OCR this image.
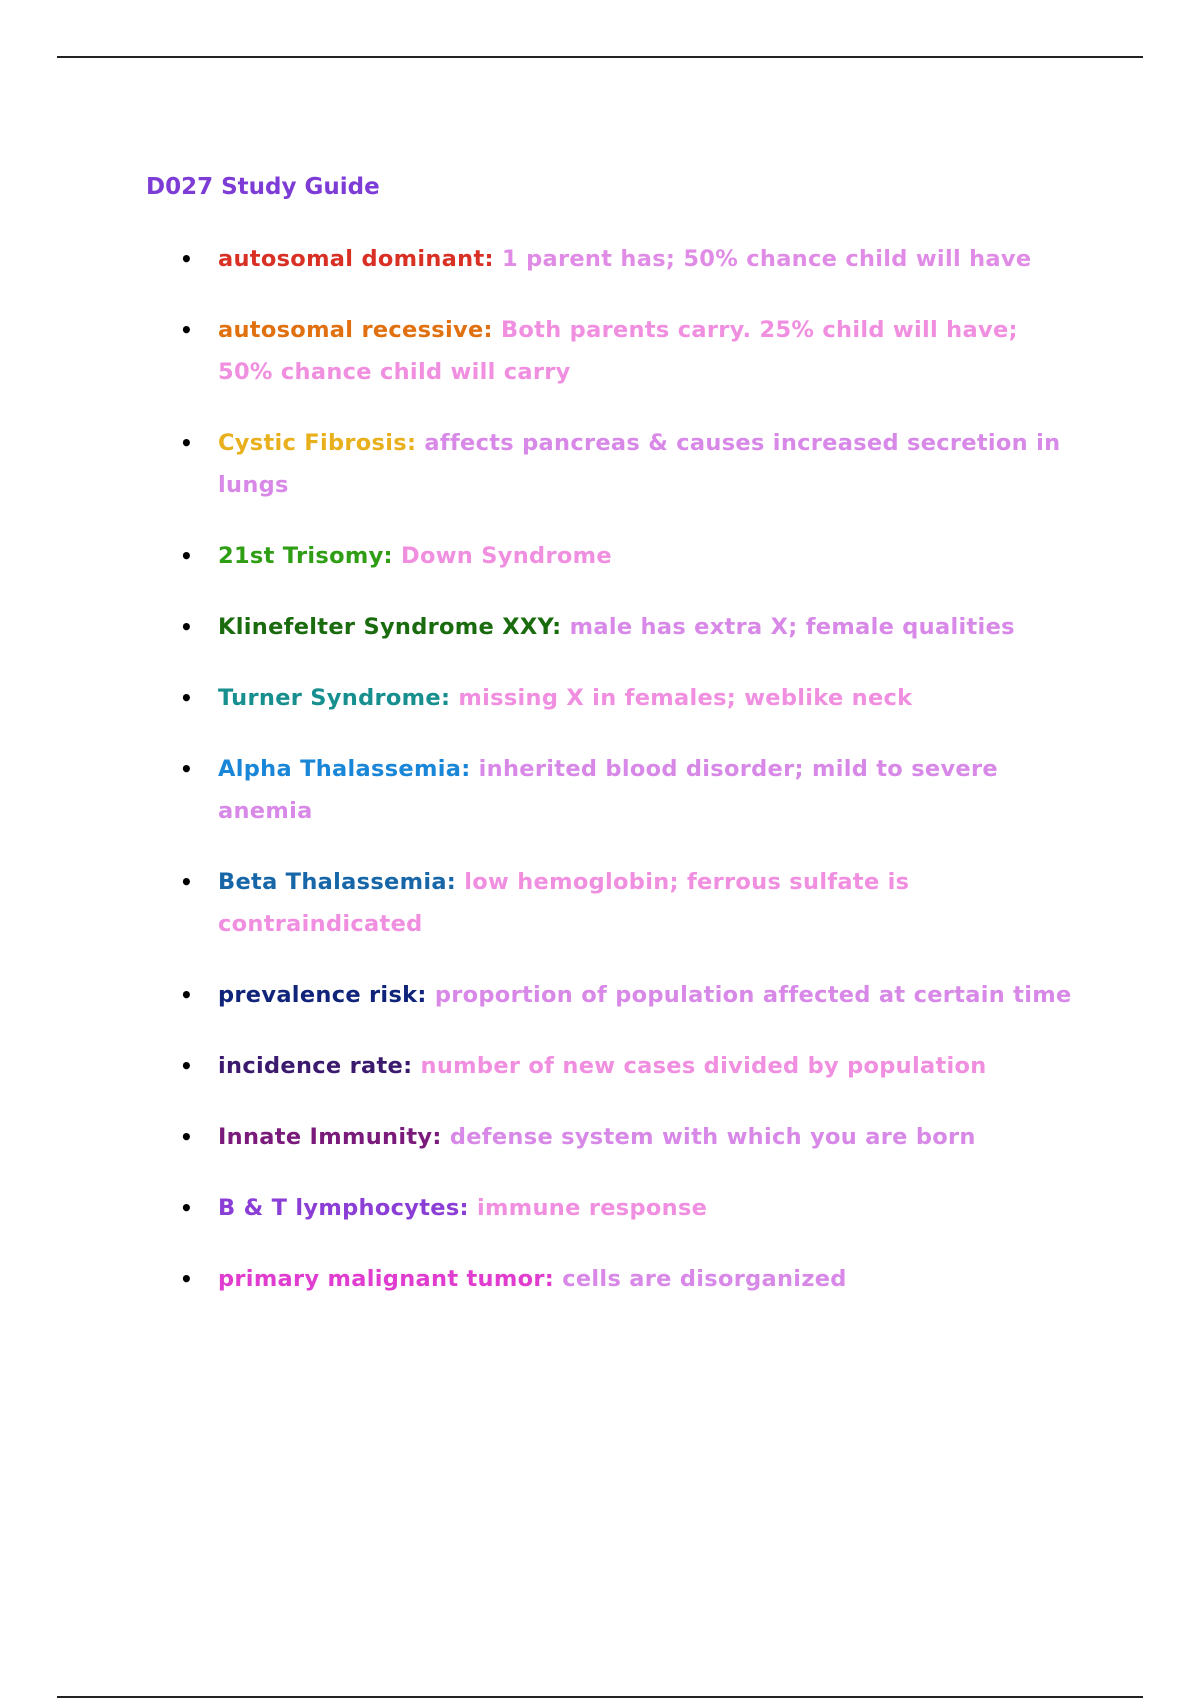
D027 Study Guide
• autosomal dominant: 1 parent has; 50% chance child will have
• autosomal recessive: Both parents carry. 25% child will have; 50% chance child will carry
• Cystic Fibrosis: affects pancreas & causes increased secretion in lungs
• 21st Trisomy: Down Syndrome
• Klinefelter Syndrome XXY: male has extra X; female qualities
• Turner Syndrome: missing X in females; weblike neck
• Alpha Thalassemia: inherited blood disorder; mild to severe anemia
• Beta Thalassemia: low hemoglobin; ferrous sulfate is contraindicated
• prevalence risk: proportion of population affected at certain time
• incidence rate: number of new cases divided by population
• Innate Immunity: defense system with which you are born
• B & T lymphocytes: immune response
• primary malignant tumor: cells are disorganized
